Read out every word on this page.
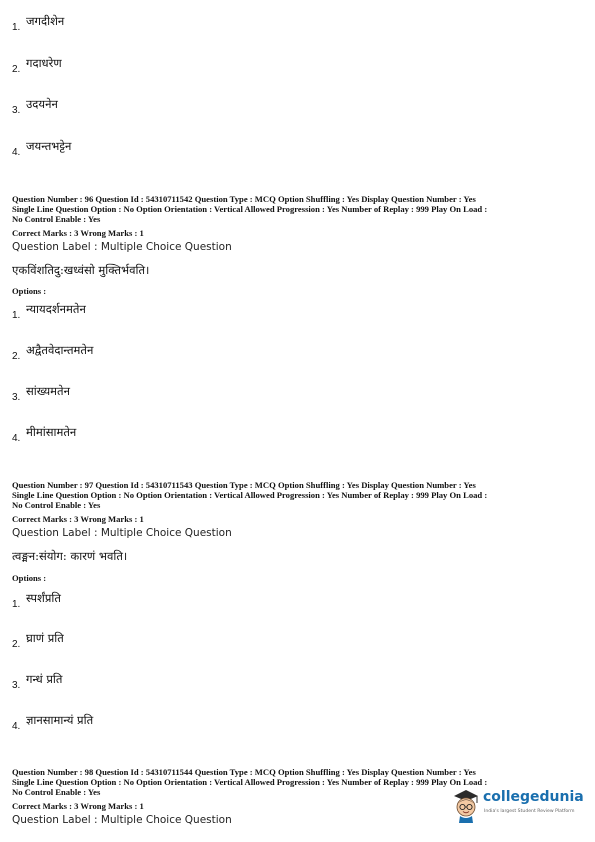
1. जगदीशेन
2. गदाधरेण
3. उदयनेन
4. जयन्तभट्टेन
Question Number : 96 Question Id : 54310711542 Question Type : MCQ Option Shuffling : Yes Display Question Number : Yes
Single Line Question Option : No Option Orientation : Vertical Allowed Progression : Yes Number of Replay : 999 Play On Load :
No Control Enable : Yes
Correct Marks : 3 Wrong Marks : 1
Question Label : Multiple Choice Question
एकविंशतिदु:खध्वंसो मुक्तिर्भवति।
Options :
1. न्यायदर्शनमतेन
2. अद्वैतवेदान्तमतेन
3. सांख्यमतेन
4. मीमांसामतेन
Question Number : 97 Question Id : 54310711543 Question Type : MCQ Option Shuffling : Yes Display Question Number : Yes
Single Line Question Option : No Option Orientation : Vertical Allowed Progression : Yes Number of Replay : 999 Play On Load :
No Control Enable : Yes
Correct Marks : 3 Wrong Marks : 1
Question Label : Multiple Choice Question
त्वङ्मन:संयोग: कारणं भवति।
Options :
1. स्पर्शंप्रति
2. घ्राणं प्रति
3. गन्धं प्रति
4. ज्ञानसामान्यं प्रति
Question Number : 98 Question Id : 54310711544 Question Type : MCQ Option Shuffling : Yes Display Question Number : Yes
Single Line Question Option : No Option Orientation : Vertical Allowed Progression : Yes Number of Replay : 999 Play On Load :
No Control Enable : Yes
Correct Marks : 3 Wrong Marks : 1
Question Label : Multiple Choice Question
collegedunia
India's largest Student Review Platform
